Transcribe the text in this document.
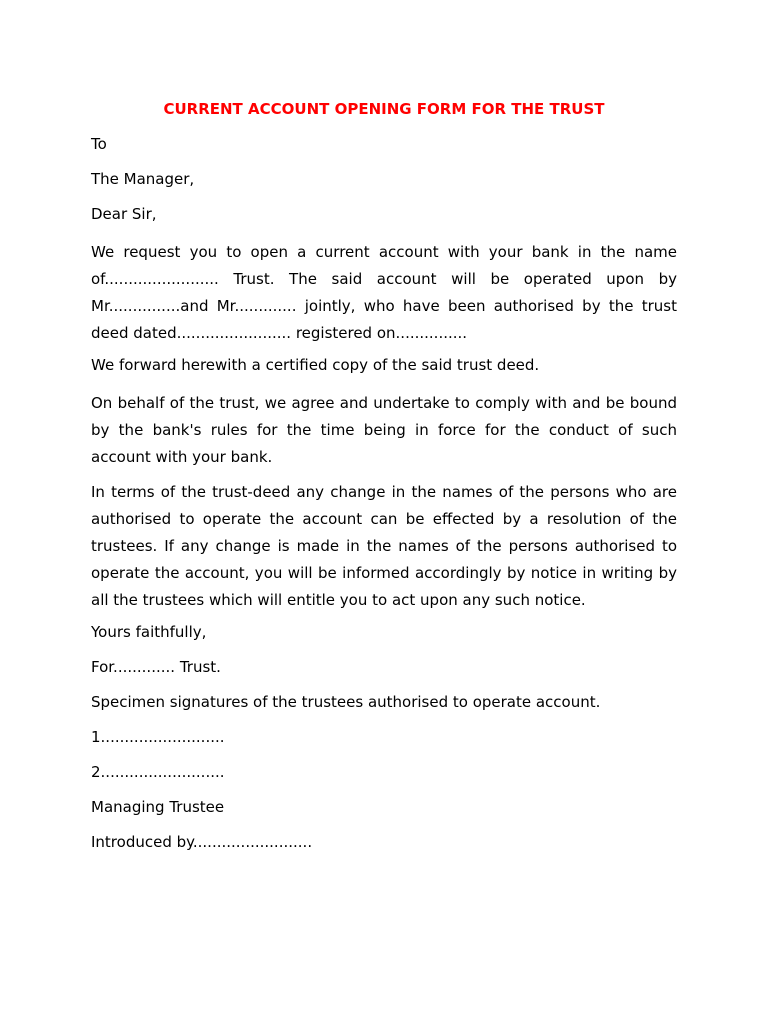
CURRENT ACCOUNT OPENING FORM FOR THE TRUST
To
The Manager,
Dear Sir,
We request you to open a current account with your bank in the name of........................ Trust. The said account will be operated upon by Mr...............and Mr............. jointly, who have been authorised by the trust deed dated........................ registered on...............
We forward herewith a certified copy of the said trust deed.
On behalf of the trust, we agree and undertake to comply with and be bound by the bank's rules for the time being in force for the conduct of such account with your bank.
In terms of the trust-deed any change in the names of the persons who are authorised to operate the account can be effected by a resolution of the trustees. If any change is made in the names of the persons authorised to operate the account, you will be informed accordingly by notice in writing by all the trustees which will entitle you to act upon any such notice.
Yours faithfully,
For............. Trust.
Specimen signatures of the trustees authorised to operate account.
1..........................
2..........................
Managing Trustee
Introduced by.........................
